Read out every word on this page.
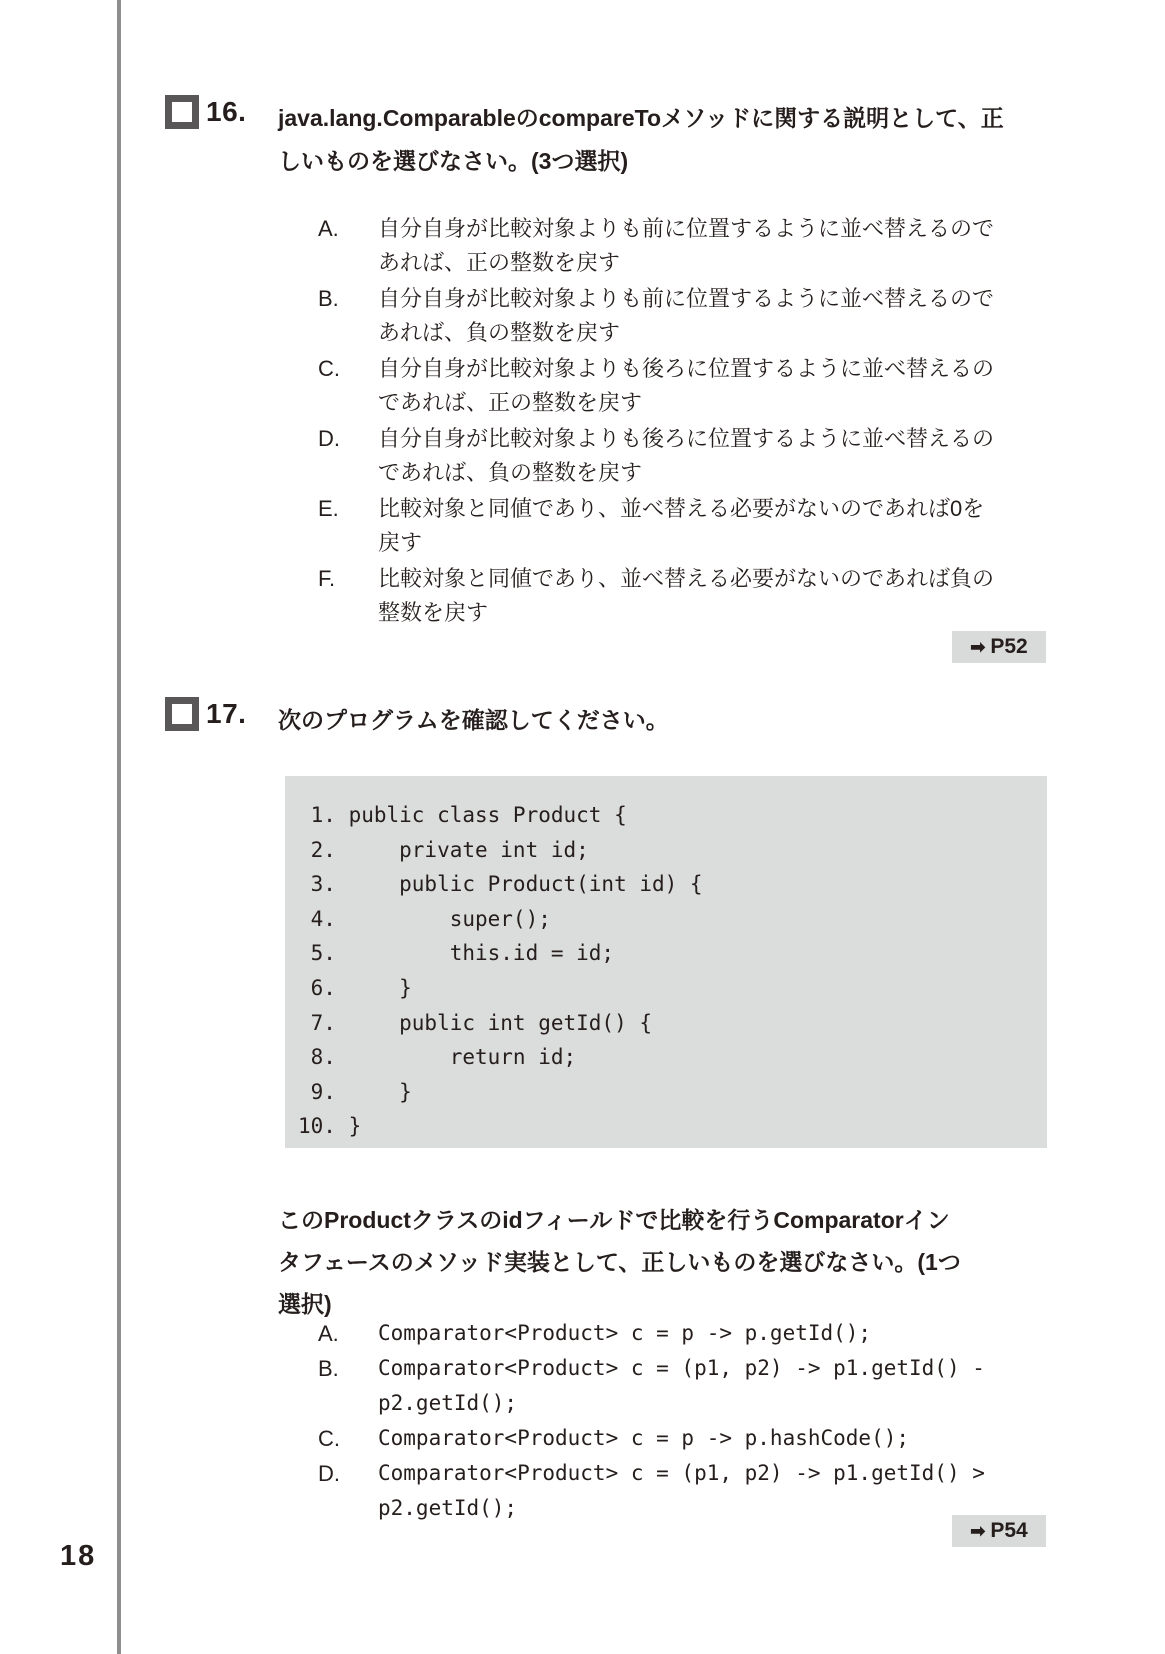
16. java.lang.ComparableのcompareToメソッドに関する説明として、正しいものを選びなさい。(3つ選択)
A.	自分自身が比較対象よりも前に位置するように並べ替えるのであれば、正の整数を戻す
B.	自分自身が比較対象よりも前に位置するように並べ替えるのであれば、負の整数を戻す
C.	自分自身が比較対象よりも後ろに位置するように並べ替えるのであれば、正の整数を戻す
D.	自分自身が比較対象よりも後ろに位置するように並べ替えるのであれば、負の整数を戻す
E.	比較対象と同値であり、並べ替える必要がないのであれば0を戻す
F.	比較対象と同値であり、並べ替える必要がないのであれば負の整数を戻す
➡ P52
17. 次のプログラムを確認してください。
1. public class Product {
2.     private int id;
3.     public Product(int id) {
4.         super();
5.         this.id = id;
6.     }
7.     public int getId() {
8.         return id;
9.     }
10. }
このProductクラスのidフィールドで比較を行うComparatorインタフェースのメソッド実装として、正しいものを選びなさい。(1つ選択)
A.	Comparator<Product> c = p -> p.getId();
B.	Comparator<Product> c = (p1, p2) -> p1.getId() - p2.getId();
C.	Comparator<Product> c = p -> p.hashCode();
D.	Comparator<Product> c = (p1, p2) -> p1.getId() > p2.getId();
➡ P54
18
